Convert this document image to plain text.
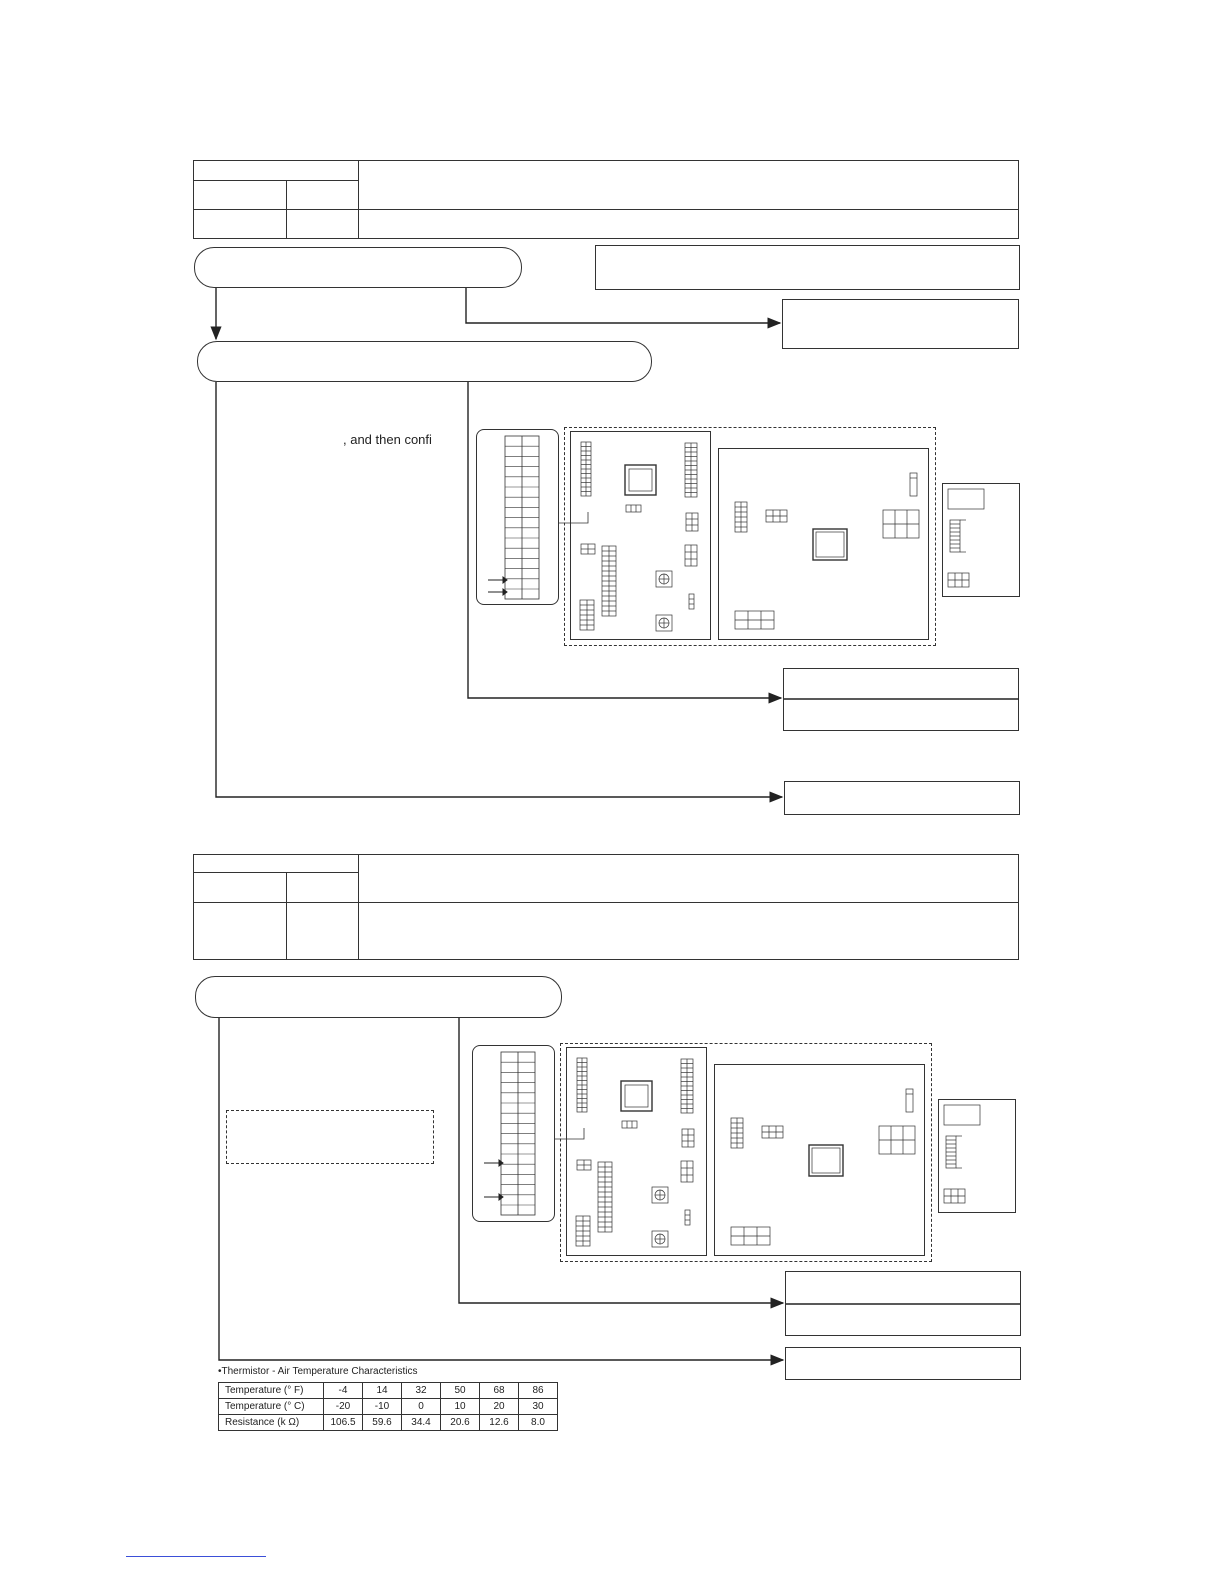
, and then confi
•Thermistor - Air Temperature Characteristics
Temperature (° F)	-4	14	32	50	68	86
Temperature (° C)	-20	-10	0	10	20	30
Resistance (k Ω)	106.5	59.6	34.4	20.6	12.6	8.0
